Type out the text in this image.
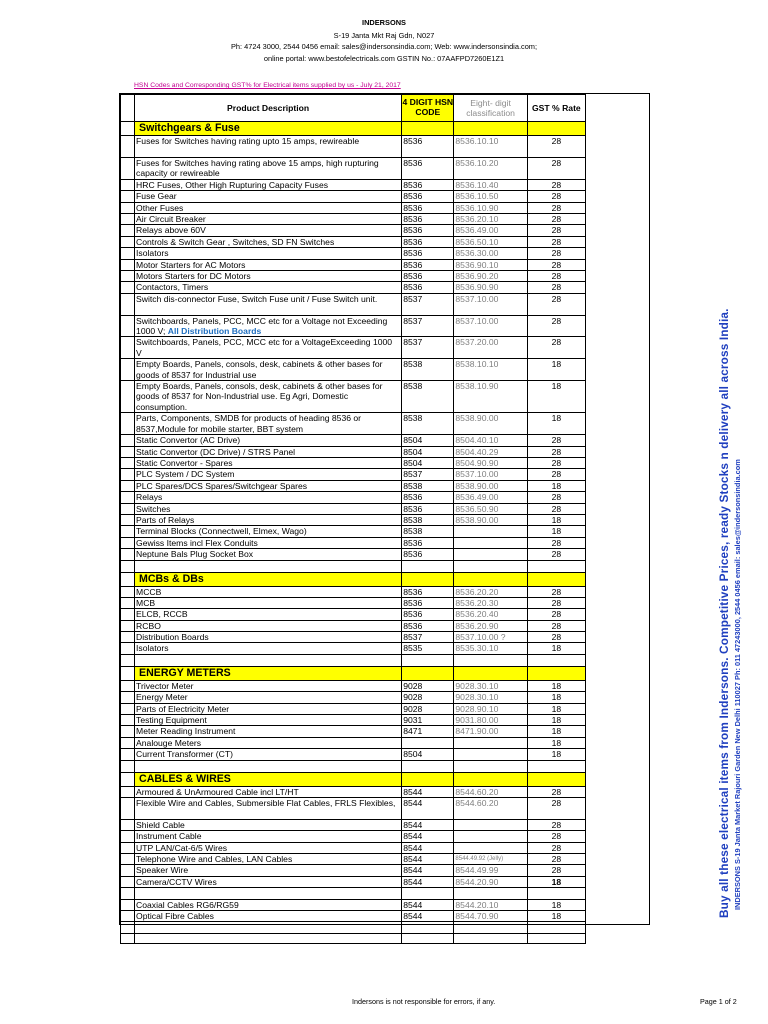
INDERSONS
S-19 Janta Mkt Raj Gdn, N027
Ph: 4724 3000, 2544 0456 email: sales@indersonsindia.com; Web: www.indersonsindia.com;
online portal: www.bestofelectricals.com GSTIN No.: 07AAFPD7260E1Z1
HSN Codes and Corresponding GST% for Electrical items supplied by us - July 21, 2017
	Product Description	4 DIGIT HSN CODE	Eight- digit classification	GST % Rate
	Switchgears & Fuse			
	Fuses for Switches having rating upto 15 amps, rewireable	8536	8536.10.10	28
	Fuses for Switches having rating above 15 amps, high rupturing capacity or rewireable	8536	8536.10.20	28
	HRC Fuses, Other High Rupturing Capacity Fuses	8536	8536.10.40	28
	Fuse Gear	8536	8536.10.50	28
	Other Fuses	8536	8536.10.90	28
	Air Circuit Breaker	8536	8536.20.10	28
	Relays above 60V	8536	8536.49.00	28
	Controls & Switch Gear , Switches, SD FN Switches	8536	8536.50.10	28
	Isolators	8536	8536.30.00	28
	Motor Starters for AC Motors	8536	8536.90.10	28
	Motors Starters for DC Motors	8536	8536.90.20	28
	Contactors, Timers	8536	8536.90.90	28
	Switch dis-connector Fuse, Switch Fuse unit / Fuse Switch unit.	8537	8537.10.00	28
	Switchboards, Panels, PCC, MCC etc for a Voltage not Exceeding 1000 V; All Distribution Boards	8537	8537.10.00	28
	Switchboards, Panels, PCC, MCC etc for a VoltageExceeding 1000 V	8537	8537.20.00	28
	Empty Boards, Panels, consols, desk, cabinets & other bases for goods of 8537 for Industrial use	8538	8538.10.10	18
	Empty Boards, Panels, consols, desk, cabinets & other bases for goods of 8537 for Non-Industrial use. Eg Agri, Domestic consumption.	8538	8538.10.90	18
	Parts, Components, SMDB for products of heading 8536 or 8537,Module for mobile starter, BBT system	8538	8538.90.00	18
	Static Convertor (AC Drive)	8504	8504.40.10	28
	Static Convertor (DC Drive) / STRS Panel	8504	8504.40.29	28
	Static Convertor - Spares	8504	8504.90.90	28
	PLC System / DC System	8537	8537.10.00	28
	PLC Spares/DCS Spares/Switchgear Spares	8538	8538.90.00	18
	Relays	8536	8536.49.00	28
	Switches	8536	8536.50.90	28
	Parts of Relays	8538	8538.90.00	18
	Terminal Blocks (Connectwell, Elmex, Wago)	8538		18
	Gewiss Items incl Flex Conduits	8536		28
	Neptune Bals Plug Socket Box	8536		28

	MCBs & DBs			
	MCCB	8536	8536.20.20	28
	MCB	8536	8536.20.30	28
	ELCB, RCCB	8536	8536.20.40	28
	RCBO	8536	8536.20.90	28
	Distribution Boards	8537	8537.10.00 ?	28
	Isolators	8535	8535.30.10	18

	ENERGY METERS			
	Trivector Meter	9028	9028.30.10	18
	Energy Meter	9028	9028.30.10	18
	Parts of Electricity Meter	9028	9028.90.10	18
	Testing Equipment	9031	9031.80.00	18
	Meter Reading Instrument	8471	8471.90.00	18
	Analouge Meters			18
	Current Transformer (CT)	8504		18

	CABLES & WIRES			
	Armoured & UnArmoured Cable incl LT/HT	8544	8544.60.20	28
	Flexible Wire and Cables, Submersible Flat Cables, FRLS Flexibles,	8544	8544.60.20	28
	Shield Cable	8544		28
	Instrument Cable	8544		28
	UTP LAN/Cat-6/5 Wires	8544		28
	Telephone Wire and Cables, LAN Cables	8544	8544.49.92 (Jelly)	28
	Speaker Wire	8544	8544.49.99	28
	Camera/CCTV Wires	8544	8544.20.90	18

	Coaxial Cables RG6/RG59	8544	8544.20.10	18
	Optical Fibre Cables	8544	8544.70.90	18

					Buy all these electrical items from Indersons. Competitive Prices, ready Stocks n delivery all across India. INDERSONS S-19 Janta Market Rajouri Garden New Delhi 110027 Ph: 011 47243000, 2544 0456 email: sales@indersonsindia.com
Indersons is not responsible for errors, if any.	Page 1 of 2
